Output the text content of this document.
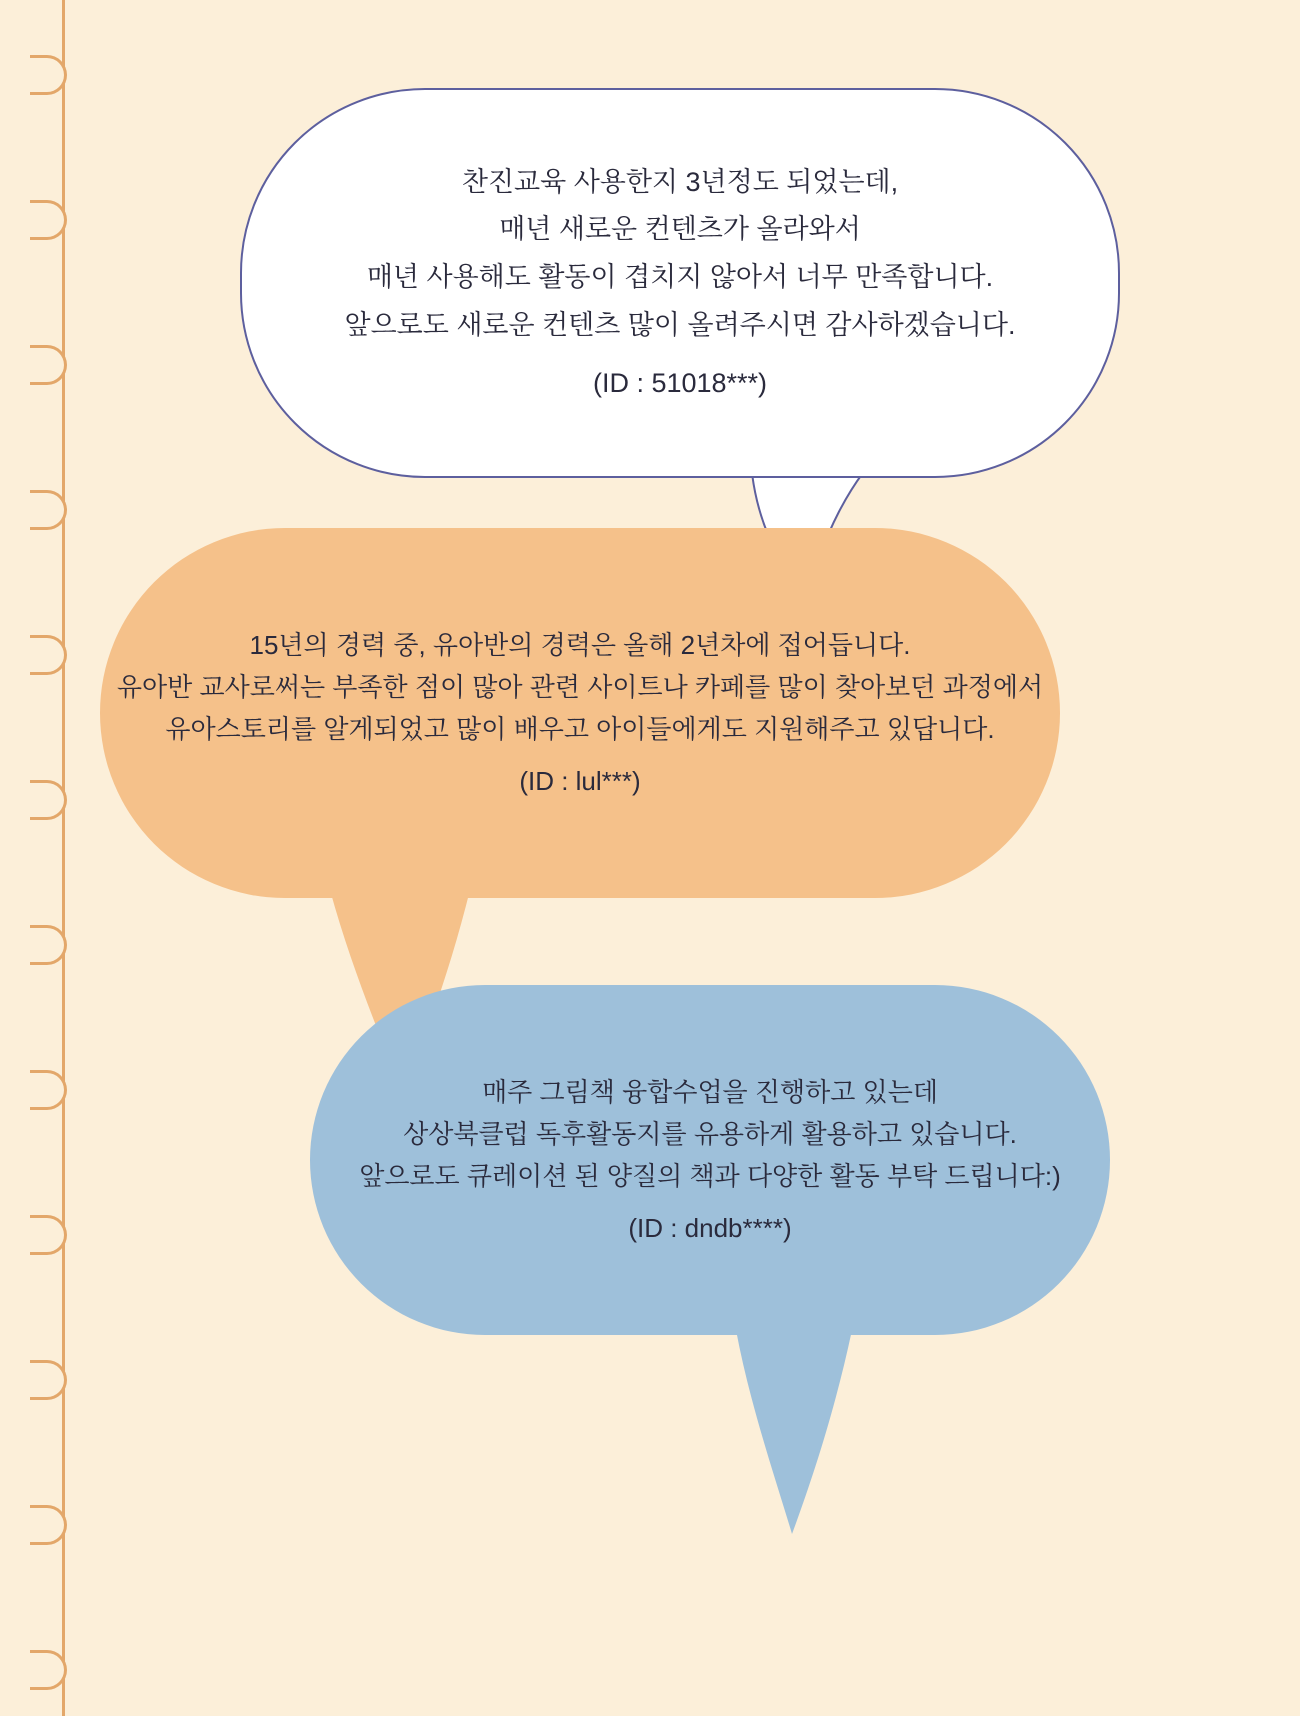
찬진교육 사용한지 3년정도 되었는데,
매년 새로운 컨텐츠가 올라와서
매년 사용해도 활동이 겹치지 않아서 너무 만족합니다.
앞으로도 새로운 컨텐츠 많이 올려주시면 감사하겠습니다.
(ID : 51018***)
15년의 경력 중, 유아반의 경력은 올해 2년차에 접어듭니다.
유아반 교사로써는 부족한 점이 많아 관련 사이트나 카페를 많이 찾아보던 과정에서
유아스토리를 알게되었고 많이 배우고 아이들에게도 지원해주고 있답니다.
(ID : lul***)
매주 그림책 융합수업을 진행하고 있는데
상상북클럽 독후활동지를 유용하게 활용하고 있습니다.
앞으로도 큐레이션 된 양질의 책과 다양한 활동 부탁 드립니다:)
(ID : dndb****)
